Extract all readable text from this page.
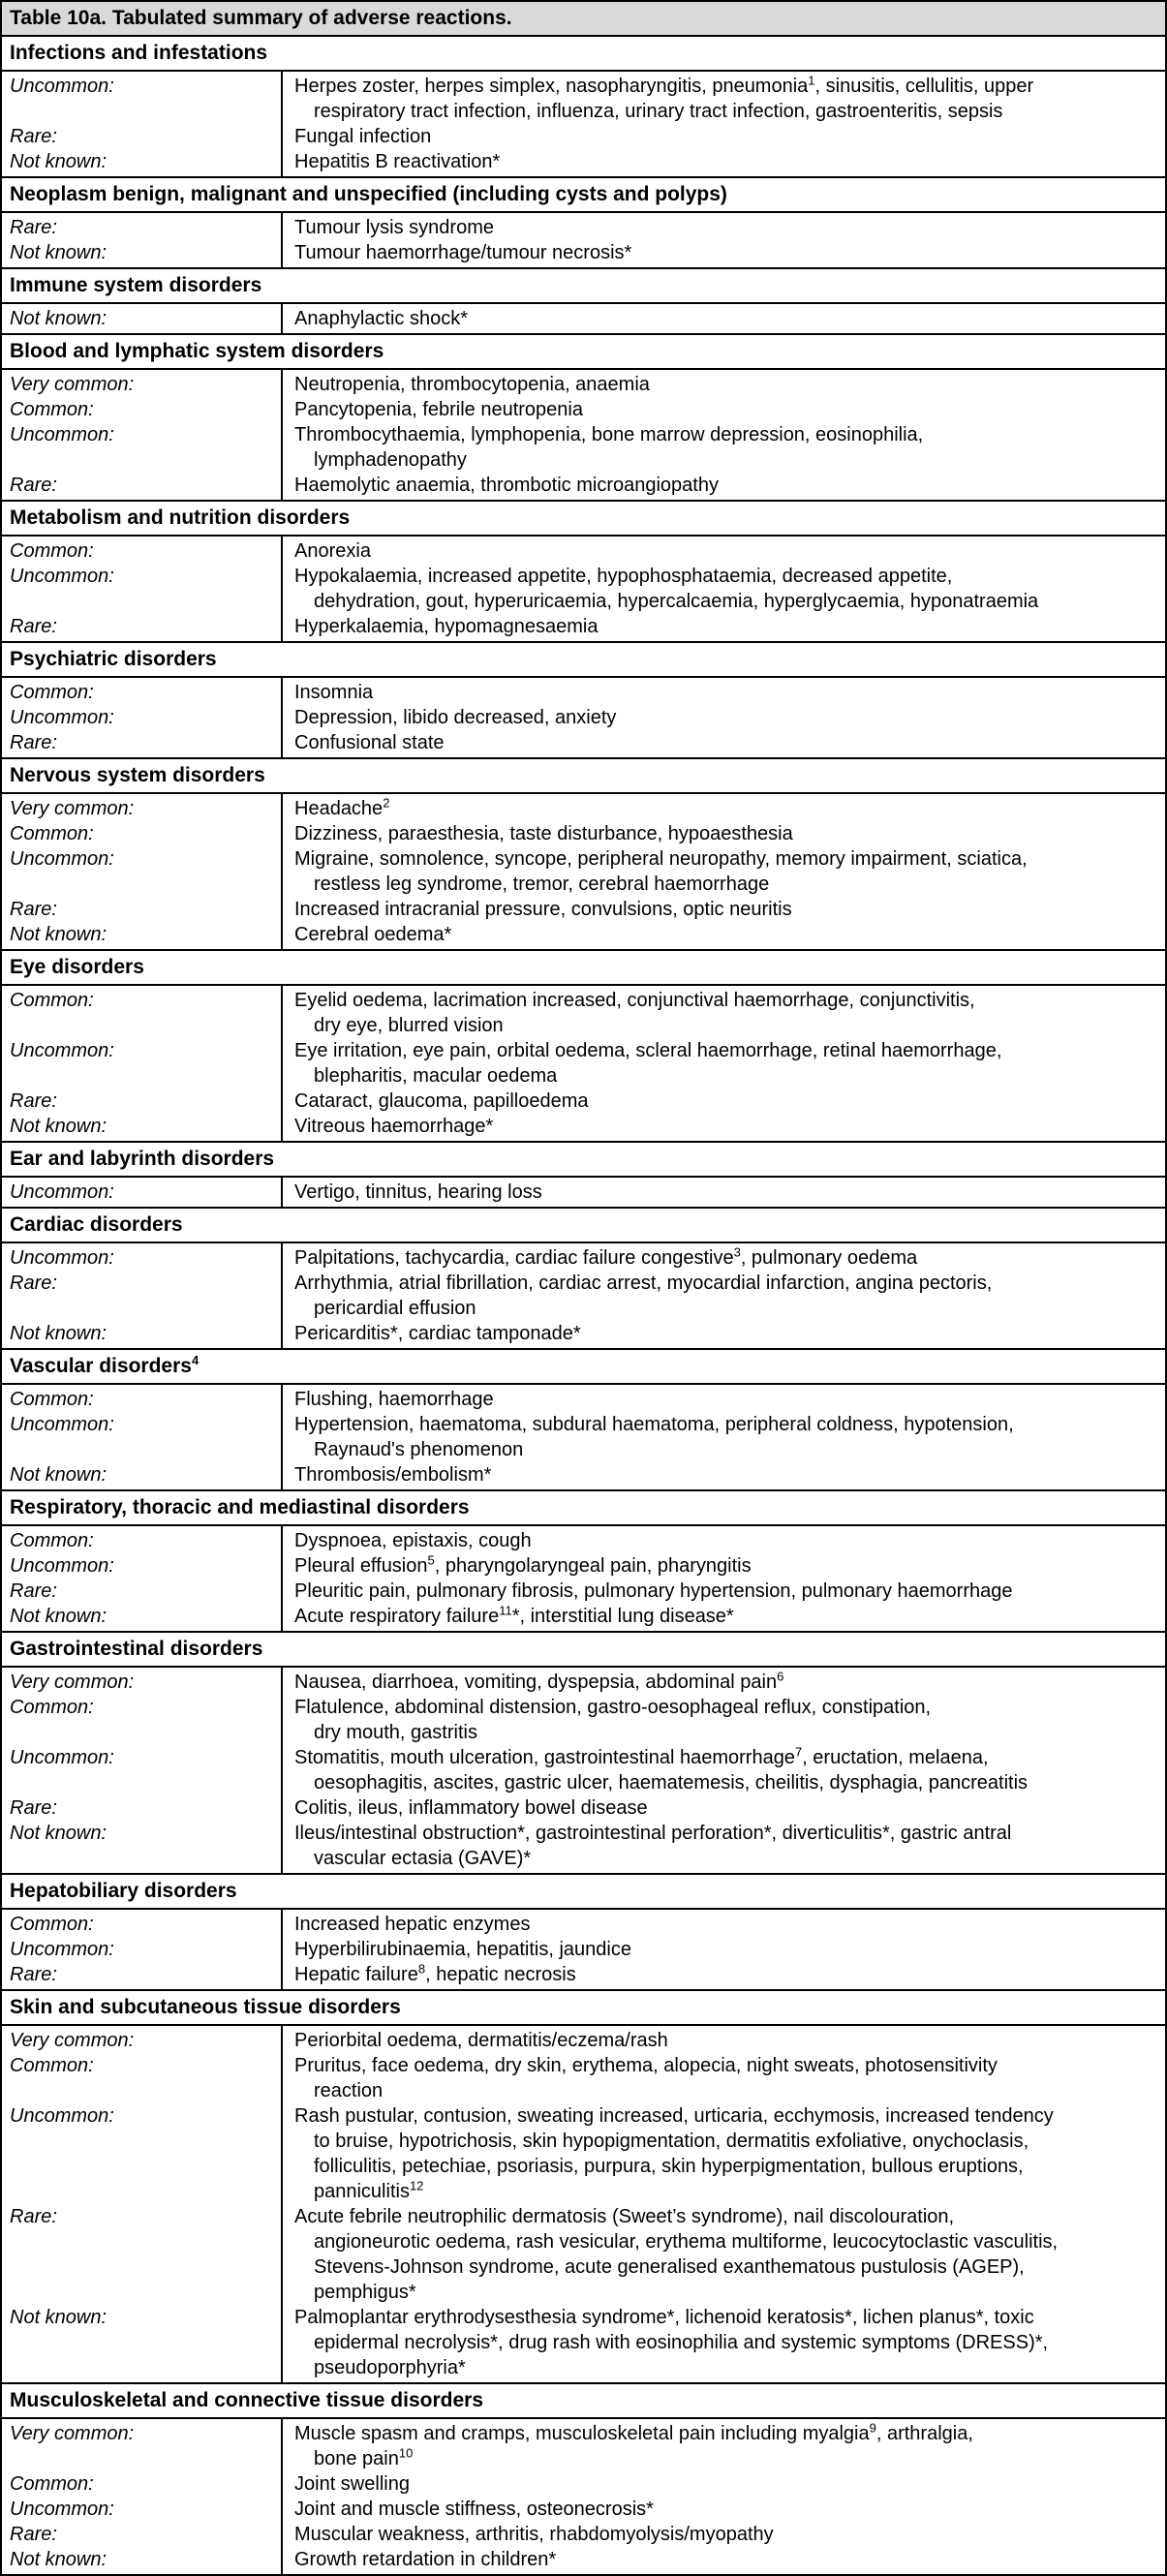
Table 10a. Tabulated summary of adverse reactions.
Infections and infestations
Uncommon:
Rare:
Not known:
Herpes zoster, herpes simplex, nasopharyngitis, pneumonia$^1$, sinusitis, cellulitis, upper
respiratory tract infection, influenza, urinary tract infection, gastroenteritis, sepsis
Fungal infection
Hepatitis B reactivation*
Neoplasm benign, malignant and unspecified (including cysts and polyps)
Rare:
Not known:
Tumour lysis syndrome
Tumour haemorrhage/tumour necrosis*
Immune system disorders
Not known:	Anaphylactic shock*
Blood and lymphatic system disorders
Very common:
Common:
Uncommon:
Rare:
Neutropenia, thrombocytopenia, anaemia
Pancytopenia, febrile neutropenia
Thrombocythaemia, lymphopenia, bone marrow depression, eosinophilia,
lymphadenopathy
Haemolytic anaemia, thrombotic microangiopathy
Metabolism and nutrition disorders
Common:
Uncommon:
Rare:
Anorexia
Hypokalaemia, increased appetite, hypophosphataemia, decreased appetite,
dehydration, gout, hyperuricaemia, hypercalcaemia, hyperglycaemia, hyponatraemia
Hyperkalaemia, hypomagnesaemia
Psychiatric disorders
Common:
Uncommon:
Rare:
Insomnia
Depression, libido decreased, anxiety
Confusional state
Nervous system disorders
Very common:
Common:
Uncommon:
Rare:
Not known:
Headache$^2$
Dizziness, paraesthesia, taste disturbance, hypoaesthesia
Migraine, somnolence, syncope, peripheral neuropathy, memory impairment, sciatica,
restless leg syndrome, tremor, cerebral haemorrhage
Increased intracranial pressure, convulsions, optic neuritis
Cerebral oedema*
Eye disorders
Common:
Uncommon:
Rare:
Not known:
Eyelid oedema, lacrimation increased, conjunctival haemorrhage, conjunctivitis,
dry eye, blurred vision
Eye irritation, eye pain, orbital oedema, scleral haemorrhage, retinal haemorrhage,
blepharitis, macular oedema
Cataract, glaucoma, papilloedema
Vitreous haemorrhage*
Ear and labyrinth disorders
Uncommon:	Vertigo, tinnitus, hearing loss
Cardiac disorders
Uncommon:
Rare:
Not known:
Palpitations, tachycardia, cardiac failure congestive$^3$, pulmonary oedema
Arrhythmia, atrial fibrillation, cardiac arrest, myocardial infarction, angina pectoris,
pericardial effusion
Pericarditis*, cardiac tamponade*
Vascular disorders$^4$
Common:
Uncommon:
Not known:
Flushing, haemorrhage
Hypertension, haematoma, subdural haematoma, peripheral coldness, hypotension,
Raynaud's phenomenon
Thrombosis/embolism*
Respiratory, thoracic and mediastinal disorders
Common:
Uncommon:
Rare:
Not known:
Dyspnoea, epistaxis, cough
Pleural effusion$^5$, pharyngolaryngeal pain, pharyngitis
Pleuritic pain, pulmonary fibrosis, pulmonary hypertension, pulmonary haemorrhage
Acute respiratory failure$^{11}$*, interstitial lung disease*
Gastrointestinal disorders
Very common:
Common:
Uncommon:
Rare:
Not known:
Nausea, diarrhoea, vomiting, dyspepsia, abdominal pain$^6$
Flatulence, abdominal distension, gastro-oesophageal reflux, constipation,
dry mouth, gastritis
Stomatitis, mouth ulceration, gastrointestinal haemorrhage$^7$, eructation, melaena,
oesophagitis, ascites, gastric ulcer, haematemesis, cheilitis, dysphagia, pancreatitis
Colitis, ileus, inflammatory bowel disease
Ileus/intestinal obstruction*, gastrointestinal perforation*, diverticulitis*, gastric antral
vascular ectasia (GAVE)*
Hepatobiliary disorders
Common:
Uncommon:
Rare:
Increased hepatic enzymes
Hyperbilirubinaemia, hepatitis, jaundice
Hepatic failure$^8$, hepatic necrosis
Skin and subcutaneous tissue disorders
Very common:
Common:
Uncommon:
Rare:
Not known:
Periorbital oedema, dermatitis/eczema/rash
Pruritus, face oedema, dry skin, erythema, alopecia, night sweats, photosensitivity
reaction
Rash pustular, contusion, sweating increased, urticaria, ecchymosis, increased tendency
to bruise, hypotrichosis, skin hypopigmentation, dermatitis exfoliative, onychoclasis,
folliculitis, petechiae, psoriasis, purpura, skin hyperpigmentation, bullous eruptions,
panniculitis$^{12}$
Acute febrile neutrophilic dermatosis (Sweet’s syndrome), nail discolouration,
angioneurotic oedema, rash vesicular, erythema multiforme, leucocytoclastic vasculitis,
Stevens-Johnson syndrome, acute generalised exanthematous pustulosis (AGEP),
pemphigus*
Palmoplantar erythrodysesthesia syndrome*, lichenoid keratosis*, lichen planus*, toxic
epidermal necrolysis*, drug rash with eosinophilia and systemic symptoms (DRESS)*,
pseudoporphyria*
Musculoskeletal and connective tissue disorders
Very common:
Common:
Uncommon:
Rare:
Not known:
Muscle spasm and cramps, musculoskeletal pain including myalgia$^9$, arthralgia,
bone pain$^{10}$
Joint swelling
Joint and muscle stiffness, osteonecrosis*
Muscular weakness, arthritis, rhabdomyolysis/myopathy
Growth retardation in children*
